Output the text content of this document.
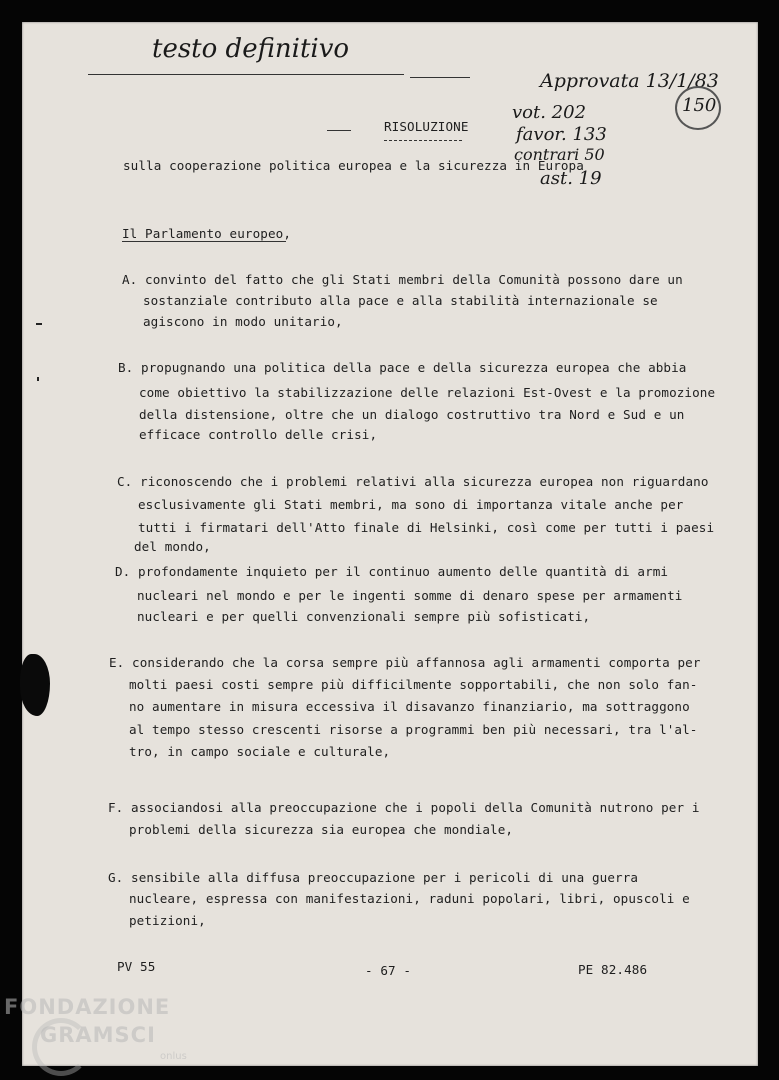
testo definitivo
Approvata 13/1/83
150
vot. 202
favor. 133
contrari 50
ast. 19
RISOLUZIONE
sulla cooperazione politica europea e la sicurezza in Europa
Il Parlamento europeo,
A. convinto del fatto che gli Stati membri della Comunità possono dare un
sostanziale contributo alla pace e alla stabilità internazionale se
agiscono in modo unitario,
B. propugnando una politica della pace e della sicurezza europea che abbia
come obiettivo la stabilizzazione delle relazioni Est-Ovest e la promozione
della distensione, oltre che un dialogo costruttivo tra Nord e Sud e un
efficace controllo delle crisi,
C. riconoscendo che i problemi relativi alla sicurezza europea non riguardano
esclusivamente gli Stati membri, ma sono di importanza vitale anche per
tutti i firmatari dell'Atto finale di Helsinki, così come per tutti i paesi
del mondo,
D. profondamente inquieto per il continuo aumento delle quantità di armi
nucleari nel mondo e per le ingenti somme di denaro spese per armamenti
nucleari e per quelli convenzionali sempre più sofisticati,
E. considerando che la corsa sempre più affannosa agli armamenti comporta per
molti paesi costi sempre più difficilmente sopportabili, che non solo fan-
no aumentare in misura eccessiva il disavanzo finanziario, ma sottraggono
al tempo stesso crescenti risorse a programmi ben più necessari, tra l'al-
tro, in campo sociale e culturale,
F. associandosi alla preoccupazione che i popoli della Comunità nutrono per i
problemi della sicurezza sia europea che mondiale,
G. sensibile alla diffusa preoccupazione per i pericoli di una guerra
nucleare, espressa con manifestazioni, raduni popolari, libri, opuscoli e
petizioni,
PV 55	- 67 -	PE 82.486
FONDAZIONE
GRAMSCI
onlus
